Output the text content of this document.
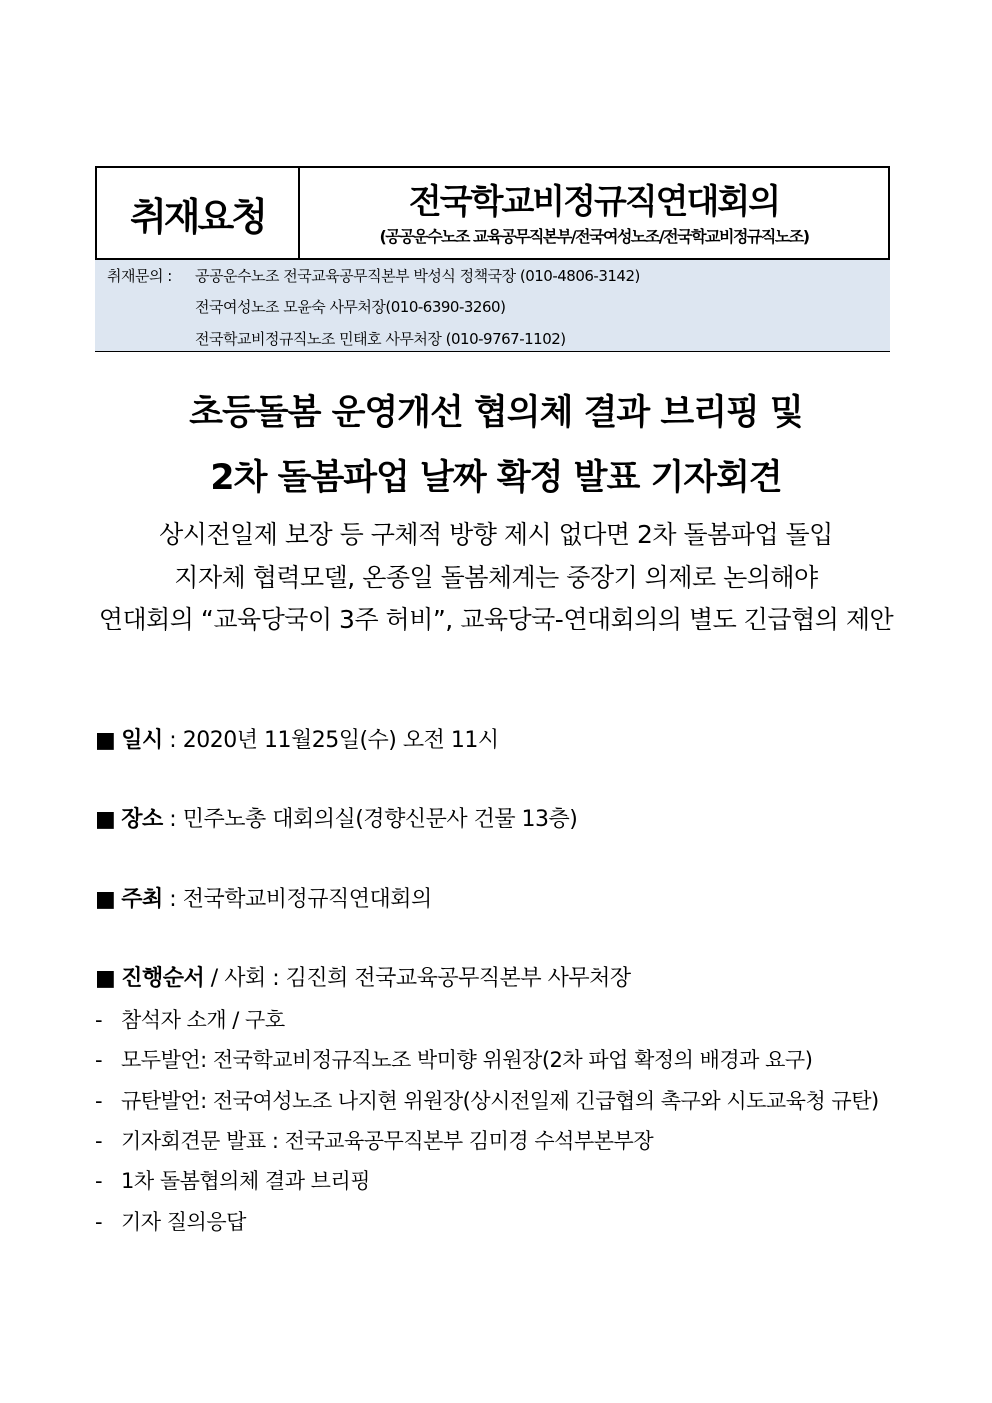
취재요청	전국학교비정규직연대회의
(공공운수노조 교육공무직본부/전국여성노조/전국학교비정규직노조)
취재문의 : 공공운수노조 전국교육공무직본부 박성식 정책국장 (010-4806-3142)
전국여성노조 모윤숙 사무처장(010-6390-3260)
전국학교비정규직노조 민태호 사무처장 (010-9767-1102)
초등돌봄 운영개선 협의체 결과 브리핑 및
2차 돌봄파업 날짜 확정 발표 기자회견
상시전일제 보장 등 구체적 방향 제시 없다면 2차 돌봄파업 돌입
지자체 협력모델, 온종일 돌봄체계는 중장기 의제로 논의해야
연대회의 “교육당국이 3주 허비”, 교육당국-연대회의의 별도 긴급협의 제안
■ 일시 : 2020년 11월25일(수) 오전 11시
■ 장소 : 민주노총 대회의실(경향신문사 건물 13층)
■ 주최 : 전국학교비정규직연대회의
■ 진행순서 / 사회 : 김진희 전국교육공무직본부 사무처장
- 참석자 소개 / 구호
- 모두발언: 전국학교비정규직노조 박미향 위원장(2차 파업 확정의 배경과 요구)
- 규탄발언: 전국여성노조 나지현 위원장(상시전일제 긴급협의 촉구와 시도교육청 규탄)
- 기자회견문 발표 : 전국교육공무직본부 김미경 수석부본부장
- 1차 돌봄협의체 결과 브리핑
- 기자 질의응답
